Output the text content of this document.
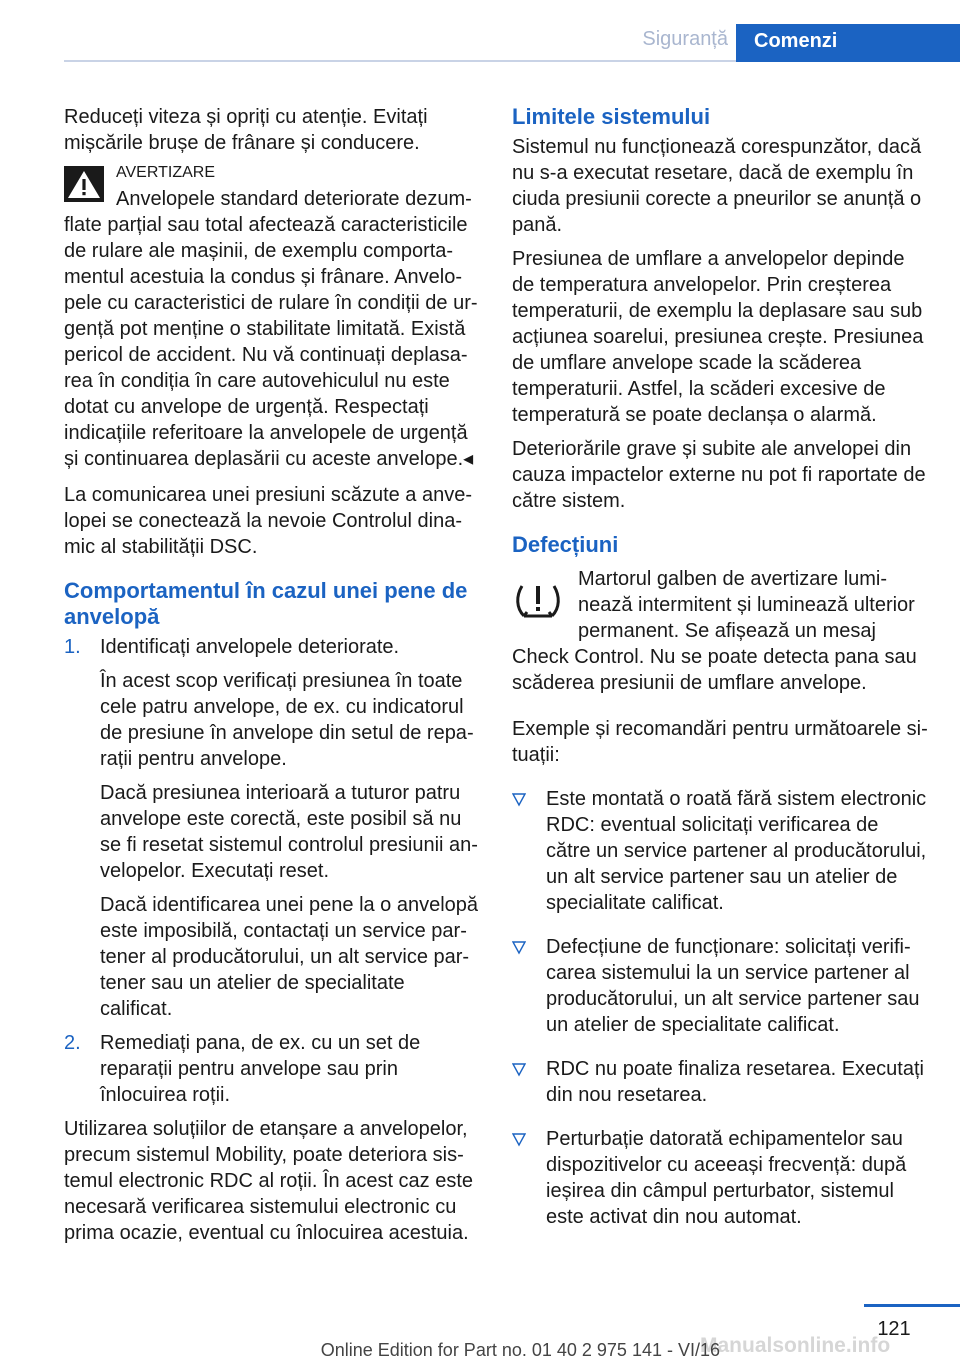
Siguranță	Comenzi

Reduceți viteza și opriți cu atenție. Evitați mișcările brușe de frânare și conducere.

AVERTIZARE

Anvelopele standard deteriorate dezumflate parțial sau total afectează caracteristicile de rulare ale mașinii, de exemplu comportamentul acestuia la condus și frânare. Anvelopele cu caracteristici de rulare în condiții de urgență pot menține o stabilitate limitată. Există pericol de accident. Nu vă continuați deplasarea în condiția în care autovehiculul nu este dotat cu anvelope de urgență. Respectați indicațiile referitoare la anvelopele de urgență și continuarea deplasării cu aceste anvelope.◂

La comunicarea unei presiuni scăzute a anvelopei se conectează la nevoie Controlul dinamic al stabilității DSC.

Comportamentul în cazul unei pene de anvelopă
1. Identificați anvelopele deteriorate.

În acest scop verificați presiunea în toate cele patru anvelope, de ex. cu indicatorul de presiune în anvelope din setul de reparații pentru anvelope.

Dacă presiunea interioară a tuturor patru anvelope este corectă, este posibil să nu se fi resetat sistemul controlul presiunii anvelopelor. Executați reset.

Dacă identificarea unei pene la o anvelopă este imposibilă, contactați un service partener al producătorului, un alt service partener sau un atelier de specialitate calificat.

2. Remediați pana, de ex. cu un set de reparații pentru anvelope sau prin înlocuirea roții.

Utilizarea soluțiilor de etanșare a anvelopelor, precum sistemul Mobility, poate deteriora sistemul electronic RDC al roții. În acest caz este necesară verificarea sistemului electronic cu prima ocazie, eventual cu înlocuirea acestuia.

Limitele sistemului

Sistemul nu funcționează corespunzător, dacă nu s-a executat resetare, dacă de exemplu în ciuda presiunii corecte a pneurilor se anunță o pană.

Presiunea de umflare a anvelopelor depinde de temperatura anvelopelor. Prin creșterea temperaturii, de exemplu la deplasare sau sub acțiunea soarelui, presiunea crește. Presiunea de umflare anvelope scade la scăderea temperaturii. Astfel, la scăderi excesive de temperatură se poate declanșa o alarmă.

Deteriorările grave și subite ale anvelopei din cauza impactelor externe nu pot fi raportate de către sistem.

Defecțiuni

Martorul galben de avertizare luminează intermitent și luminează ulterior permanent. Se afișează un mesaj Check Control. Nu se poate detecta pana sau scăderea presiunii de umflare anvelope.

Exemple și recomandări pentru următoarele situații:

Este montată o roată fără sistem electronic RDC: eventual solicitați verificarea de către un service partener al producătorului, un alt service partener sau un atelier de specialitate calificat.
Defecțiune de funcționare: solicitați verificarea sistemului la un service partener al producătorului, un alt service partener sau un atelier de specialitate calificat.
RDC nu poate finaliza resetarea. Executați din nou resetarea.
Perturbație datorată echipamentelor sau dispozitivelor cu aceeași frecvență: după ieșirea din câmpul perturbator, sistemul este activat din nou automat.
121
Manualsonline.info
Online Edition for Part no. 01 40 2 975 141 - VI/16
